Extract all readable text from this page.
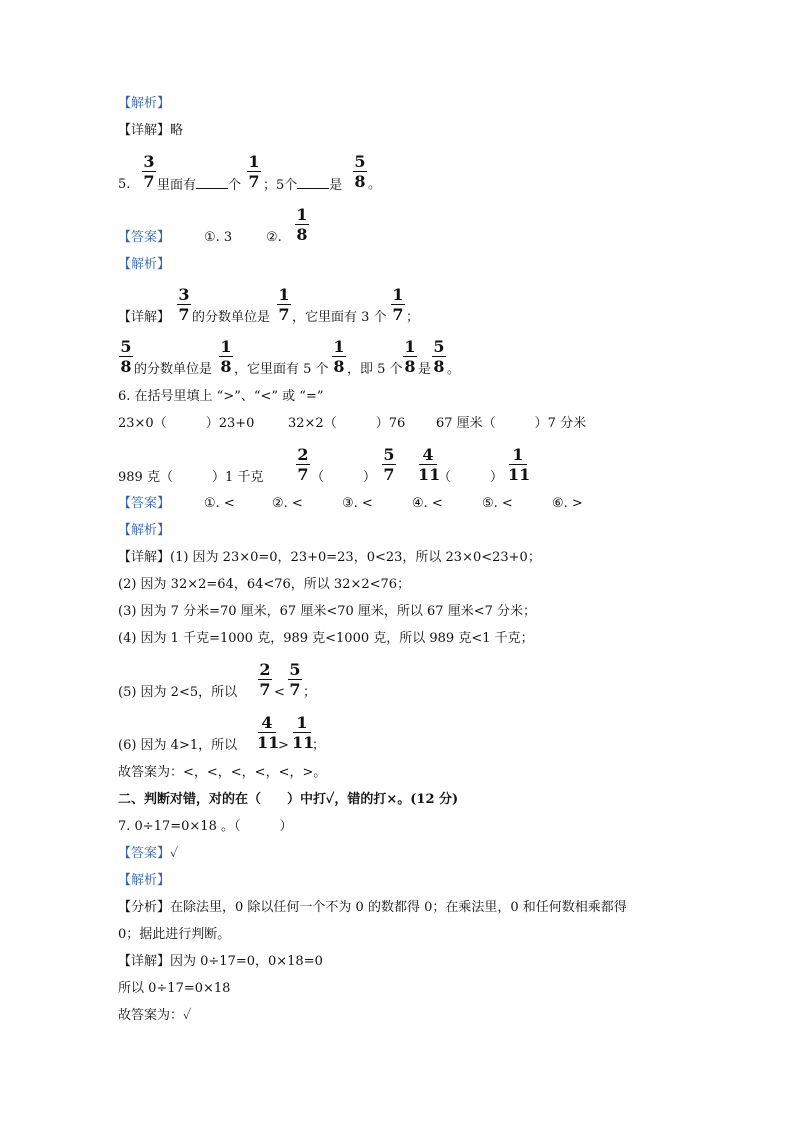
【解析】
【详解】略
5.
3
7 里面有 个
1
7 ；5个 是
5
8 。
【答案】	①. 3	②.
1
8
【解析】
【详解】
3
7 的分数单位是
1
7 ，它里面有 3 个
1
7 ；
5
8 的分数单位是
1
8 ，它里面有 5 个
1
8 ，即 5 个
1
8 是
5
8 。
6. 在括号里填上 “>”、“<” 或 “=”
23×0（　　　）23+0	32×2（　　　）76 67 厘米（　　　）7 分米
989 克（　　　）1 千克
2
7 （　　　）
5
7
4
11
（　　　）
1
11
【答案】	①. <	②. <	③. <	④. <	⑤. <	⑥. >
【解析】
【详解】(1) 因为 23×0=0，23+0=23，0<23，所以 23×0<23+0；
(2) 因为 32×2=64，64<76，所以 32×2<76；
(3) 因为 7 分米=70 厘米，67 厘米<70 厘米，所以 67 厘米<7 分米；
(4) 因为 1 千克=1000 克，989 克<1000 克，所以 989 克<1 千克；
(5) 因为 2<5，所以
2
7 <
5
7 ；
(6) 因为 4>1，所以
4
11
>
1
11
；
故答案为：<，<，<，<，<，>。
二、判断对错，对的在（　　）中打✓，错的打×。(12 分)
7. 0÷17=0×18 。（　　　）
【答案】✓
【解析】
【分析】在除法里，0 除以任何一个不为 0 的数都得 0；在乘法里，0 和任何数相乘都得
0；据此进行判断。
【详解】因为 0÷17=0，0×18=0
所以 0÷17=0×18
故答案为：✓
